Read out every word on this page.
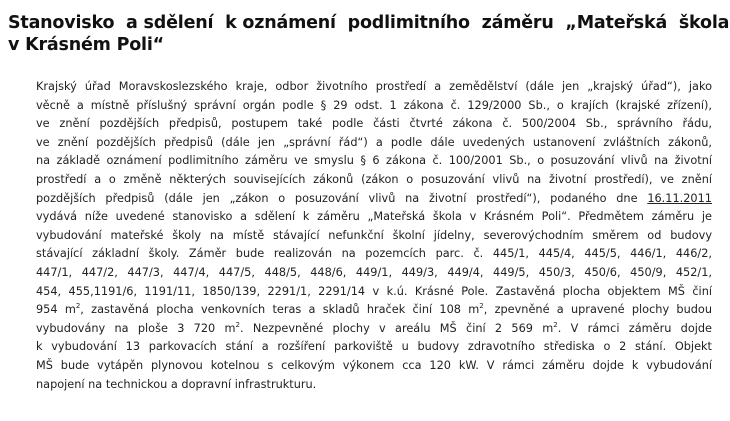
Stanovisko  a sdělení  k oznámení  podlimitního  záměru  „Mateřská  škola
v Krásném Poli“
Krajský úřad Moravskoslezského kraje, odbor životního prostředí a zemědělství (dále jen „krajský úřad“), jako
věcně a místně příslušný správní orgán podle § 29 odst. 1 zákona č. 129/2000 Sb., o krajích (krajské zřízení),
ve znění pozdějších předpisů, postupem také podle části čtvrté zákona č. 500/2004 Sb., správního řádu,
ve znění pozdějších předpisů (dále jen „správní řád“) a podle dále uvedených ustanovení zvláštních zákonů,
na základě oznámení podlimitního záměru ve smyslu § 6 zákona č. 100/2001 Sb., o posuzování vlivů na životní
prostředí a o změně některých souvisejících zákonů (zákon o posuzování vlivů na životní prostředí), ve znění
pozdějších předpisů (dále jen „zákon o posuzování vlivů na životní prostředí“), podaného dne 16.11.2011
vydává níže uvedené stanovisko a sdělení k záměru „Mateřská škola v Krásném Poli“. Předmětem záměru je
vybudování mateřské školy na místě stávající nefunkční školní jídelny, severovýchodním směrem od budovy
stávající základní školy. Záměr bude realizován na pozemcích parc. č. 445/1, 445/4, 445/5, 446/1, 446/2,
447/1, 447/2, 447/3, 447/4, 447/5, 448/5, 448/6, 449/1, 449/3, 449/4, 449/5, 450/3, 450/6, 450/9, 452/1,
454, 455,1191/6, 1191/11, 1850/139, 2291/1, 2291/14 v k.ú. Krásné Pole. Zastavěná plocha objektem MŠ činí
954 $m^2$, zastavěná plocha venkovních teras a skladů hraček činí 108 $m^2$, zpevněné a upravené plochy budou
vybudovány na ploše 3 720 $m^2$. Nezpevněné plochy v areálu MŠ činí 2 569 $m^2$. V rámci záměru dojde
k vybudování 13 parkovacích stání a rozšíření parkoviště u budovy zdravotního střediska o 2 stání. Objekt
MŠ bude vytápěn plynovou kotelnou s celkovým výkonem cca 120 kW. V rámci záměru dojde k vybudování
napojení na technickou a dopravní infrastrukturu.
